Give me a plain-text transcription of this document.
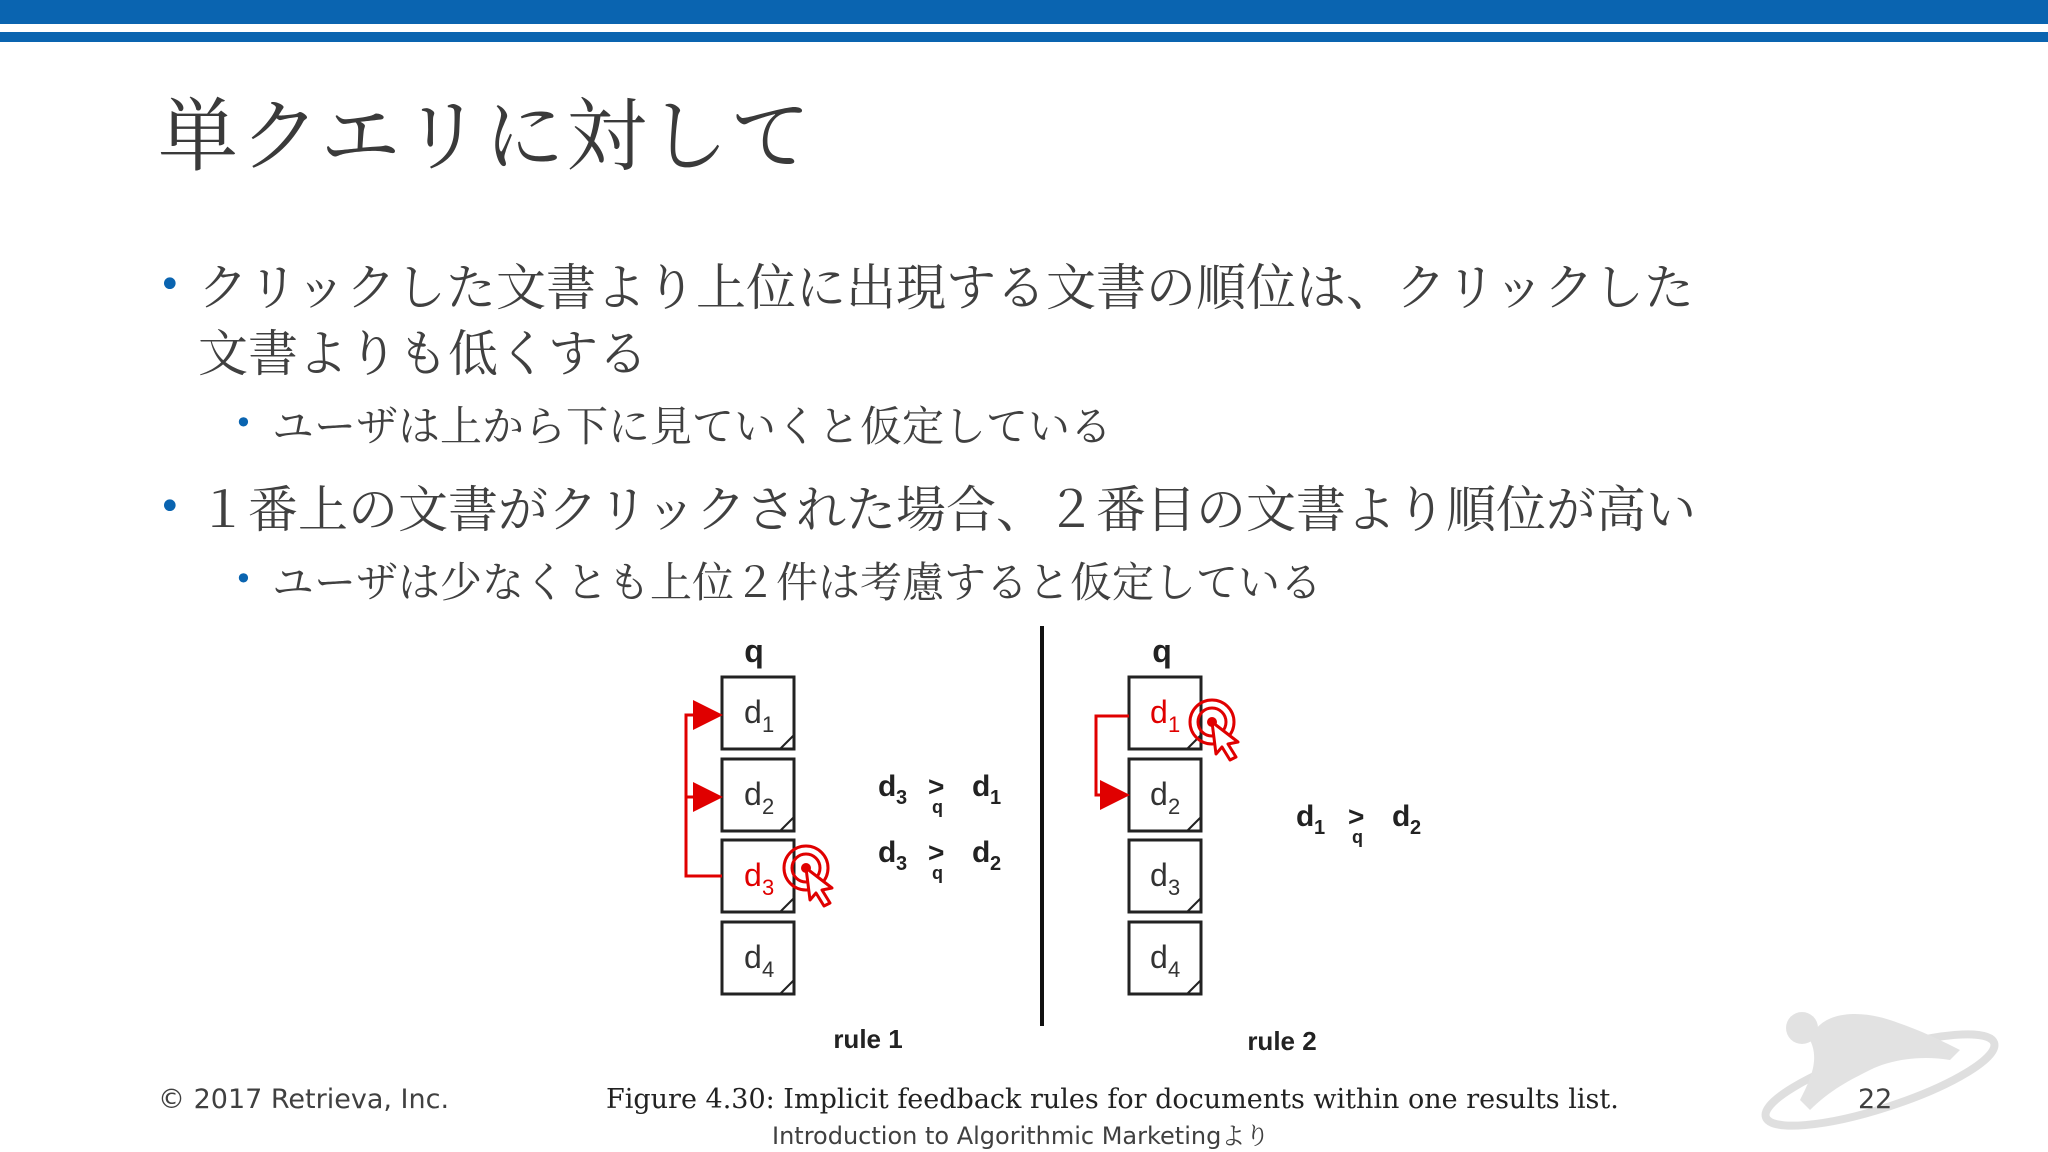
単クエリに対して
• クリックした文書より上位に出現する文書の順位は、クリックした
文書よりも低くする
• ユーザは上から下に見ていくと仮定している
• １番上の文書がクリックされた場合、２番目の文書より順位が高い
• ユーザは少なくとも上位２件は考慮すると仮定している
q
d 1
d 2
d 3
d 4
d 3 >
q
d 1
d 3 >
q
d 2
rule 1
q
d 1
d 2
d 3
d 4
d 1 >
q
d 2
rule 2
© 2017 Retrieva, Inc.	Figure 4.30: Implicit feedback rules for documents within one results list.
Introduction to Algorithmic Marketingより
22
